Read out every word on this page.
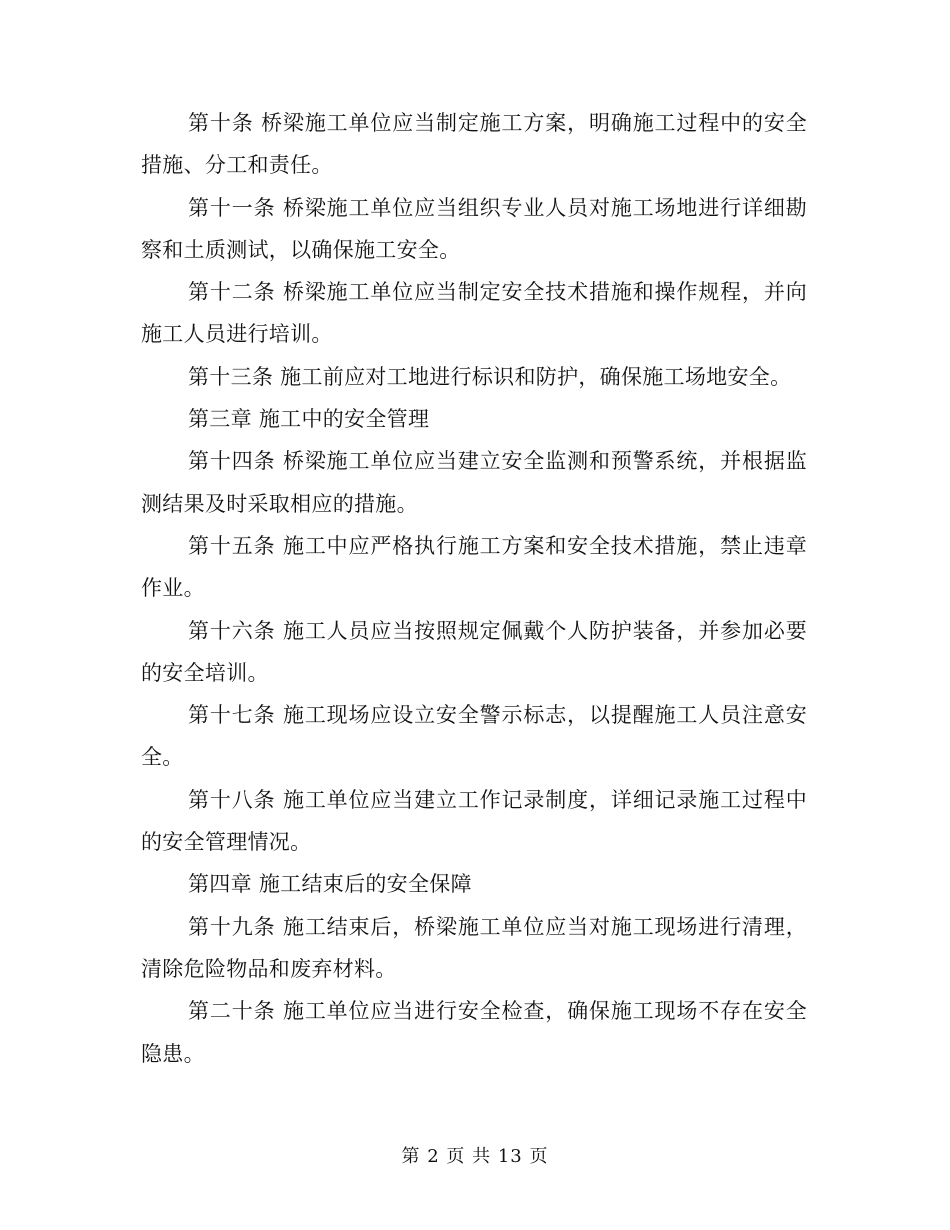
第十条 桥梁施工单位应当制定施工方案，明确施工过程中的安全措施、分工和责任。

第十一条 桥梁施工单位应当组织专业人员对施工场地进行详细勘察和土质测试，以确保施工安全。

第十二条 桥梁施工单位应当制定安全技术措施和操作规程，并向施工人员进行培训。

第十三条 施工前应对工地进行标识和防护，确保施工场地安全。

第三章 施工中的安全管理

第十四条 桥梁施工单位应当建立安全监测和预警系统，并根据监测结果及时采取相应的措施。

第十五条 施工中应严格执行施工方案和安全技术措施，禁止违章作业。

第十六条 施工人员应当按照规定佩戴个人防护装备，并参加必要的安全培训。

第十七条 施工现场应设立安全警示标志，以提醒施工人员注意安全。

第十八条 施工单位应当建立工作记录制度，详细记录施工过程中的安全管理情况。

第四章 施工结束后的安全保障

第十九条 施工结束后，桥梁施工单位应当对施工现场进行清理，清除危险物品和废弃材料。

第二十条 施工单位应当进行安全检查，确保施工现场不存在安全隐患。

第 2 页 共 13 页
